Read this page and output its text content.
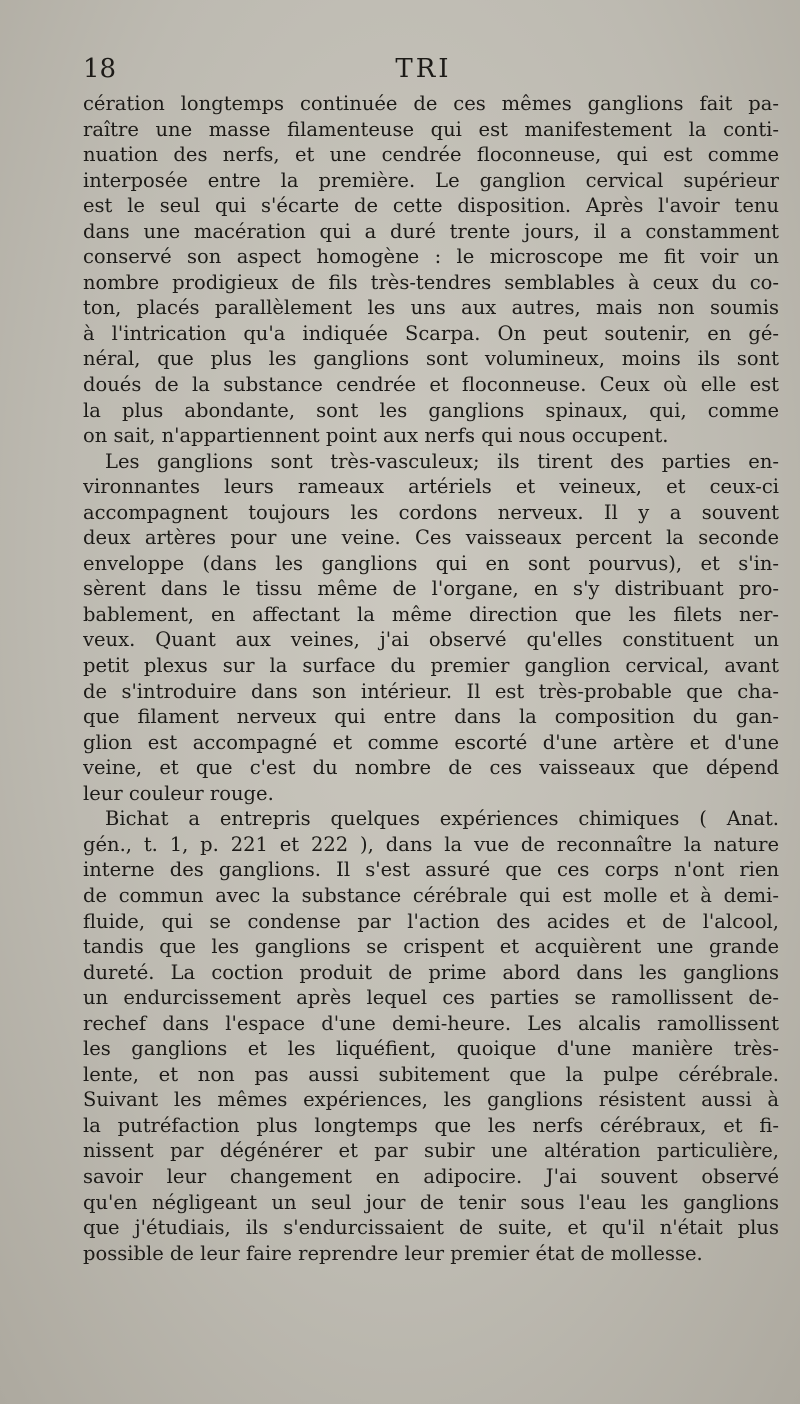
18	TRI
cération longtemps continuée de ces mêmes ganglions fait pa-
raître une masse filamenteuse qui est manifestement la conti-
nuation des nerfs, et une cendrée floconneuse, qui est comme
interposée entre la première. Le ganglion cervical supérieur
est le seul qui s'écarte de cette disposition. Après l'avoir tenu
dans une macération qui a duré trente jours, il a constamment
conservé son aspect homogène : le microscope me fit voir un
nombre prodigieux de fils très-tendres semblables à ceux du co-
ton, placés parallèlement les uns aux autres, mais non soumis
à l'intrication qu'a indiquée Scarpa. On peut soutenir, en gé-
néral, que plus les ganglions sont volumineux, moins ils sont
doués de la substance cendrée et floconneuse. Ceux où elle est
la plus abondante, sont les ganglions spinaux, qui, comme
on sait, n'appartiennent point aux nerfs qui nous occupent.
Les ganglions sont très-vasculeux; ils tirent des parties en-
vironnantes leurs rameaux artériels et veineux, et ceux-ci
accompagnent toujours les cordons nerveux. Il y a souvent
deux artères pour une veine. Ces vaisseaux percent la seconde
enveloppe (dans les ganglions qui en sont pourvus), et s'in-
sèrent dans le tissu même de l'organe, en s'y distribuant pro-
bablement, en affectant la même direction que les filets ner-
veux. Quant aux veines, j'ai observé qu'elles constituent un
petit plexus sur la surface du premier ganglion cervical, avant
de s'introduire dans son intérieur. Il est très-probable que cha-
que filament nerveux qui entre dans la composition du gan-
glion est accompagné et comme escorté d'une artère et d'une
veine, et que c'est du nombre de ces vaisseaux que dépend
leur couleur rouge.
Bichat a entrepris quelques expériences chimiques ( Anat.
gén., t. 1, p. 221 et 222 ), dans la vue de reconnaître la nature
interne des ganglions. Il s'est assuré que ces corps n'ont rien
de commun avec la substance cérébrale qui est molle et à demi-
fluide, qui se condense par l'action des acides et de l'alcool,
tandis que les ganglions se crispent et acquièrent une grande
dureté. La coction produit de prime abord dans les ganglions
un endurcissement après lequel ces parties se ramollissent de-
rechef dans l'espace d'une demi-heure. Les alcalis ramollissent
les ganglions et les liquéfient, quoique d'une manière très-
lente, et non pas aussi subitement que la pulpe cérébrale.
Suivant les mêmes expériences, les ganglions résistent aussi à
la putréfaction plus longtemps que les nerfs cérébraux, et fi-
nissent par dégénérer et par subir une altération particulière,
savoir leur changement en adipocire. J'ai souvent observé
qu'en négligeant un seul jour de tenir sous l'eau les ganglions
que j'étudiais, ils s'endurcissaient de suite, et qu'il n'était plus
possible de leur faire reprendre leur premier état de mollesse.
